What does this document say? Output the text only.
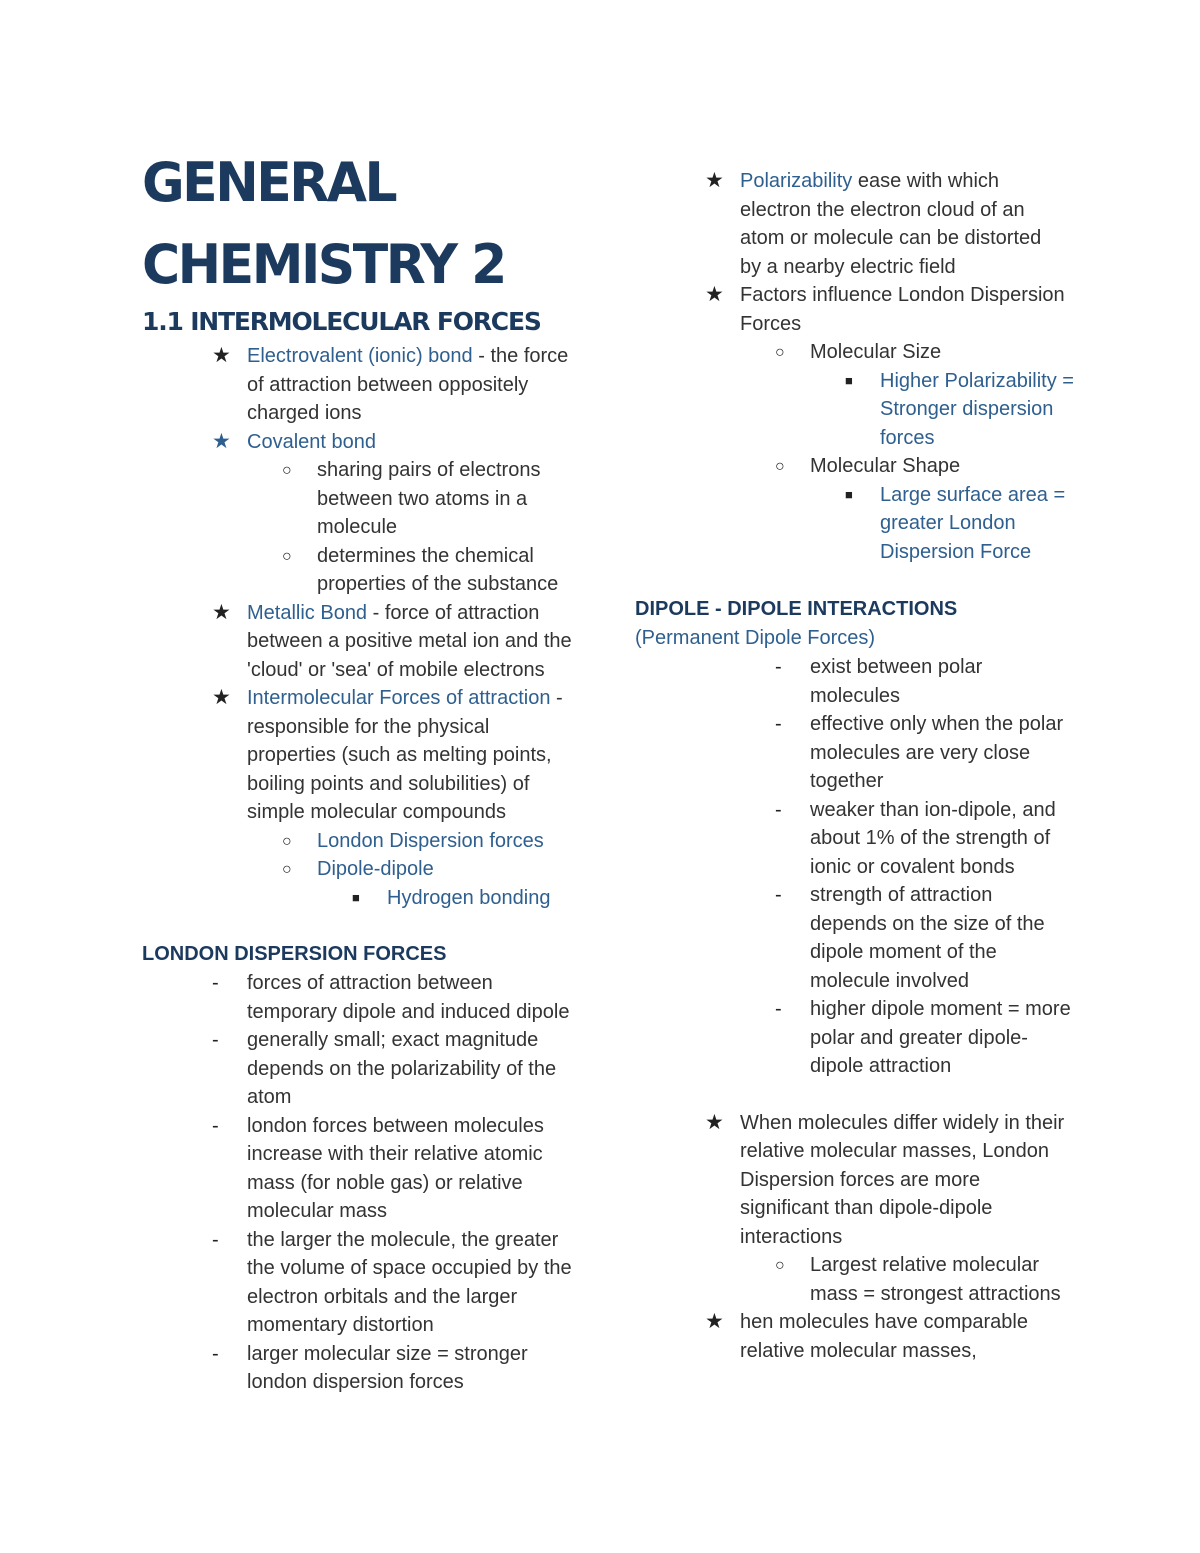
GENERAL
CHEMISTRY 2
1.1 INTERMOLECULAR FORCES
★ Electrovalent (ionic) bond - the force
of attraction between oppositely
charged ions
★ Covalent bond
○	sharing pairs of electrons
between two atoms in a
molecule
○	determines the chemical
properties of the substance
★ Metallic Bond - force of attraction
between a positive metal ion and the
'cloud' or 'sea' of mobile electrons
★ Intermolecular Forces of attraction -
responsible for the physical
properties (such as melting points,
boiling points and solubilities) of
simple molecular compounds
○	London Dispersion forces
○	Dipole-dipole
■	Hydrogen bonding
LONDON DISPERSION FORCES
-	forces of attraction between
temporary dipole and induced dipole
-	generally small; exact magnitude
depends on the polarizability of the
atom
-	london forces between molecules
increase with their relative atomic
mass (for noble gas) or relative
molecular mass
-	the larger the molecule, the greater
the volume of space occupied by the
electron orbitals and the larger
momentary distortion
-	larger molecular size = stronger
london dispersion forces
★ Polarizability ease with which
electron the electron cloud of an
atom or molecule can be distorted
by a nearby electric field
★ Factors influence London Dispersion
Forces
○	Molecular Size
■	Higher Polarizability =
Stronger dispersion
forces
○	Molecular Shape
■	Large surface area =
greater London
Dispersion Force
DIPOLE - DIPOLE INTERACTIONS
(Permanent Dipole Forces)
-	exist between polar
molecules
-	effective only when the polar
molecules are very close
together
-	weaker than ion-dipole, and
about 1% of the strength of
ionic or covalent bonds
-	strength of attraction
depends on the size of the
dipole moment of the
molecule involved
-	higher dipole moment = more
polar and greater dipole-
dipole attraction
★ When molecules differ widely in their
relative molecular masses, London
Dispersion forces are more
significant than dipole-dipole
interactions
○	Largest relative molecular
mass = strongest attractions
★ hen molecules have comparable
relative molecular masses,
